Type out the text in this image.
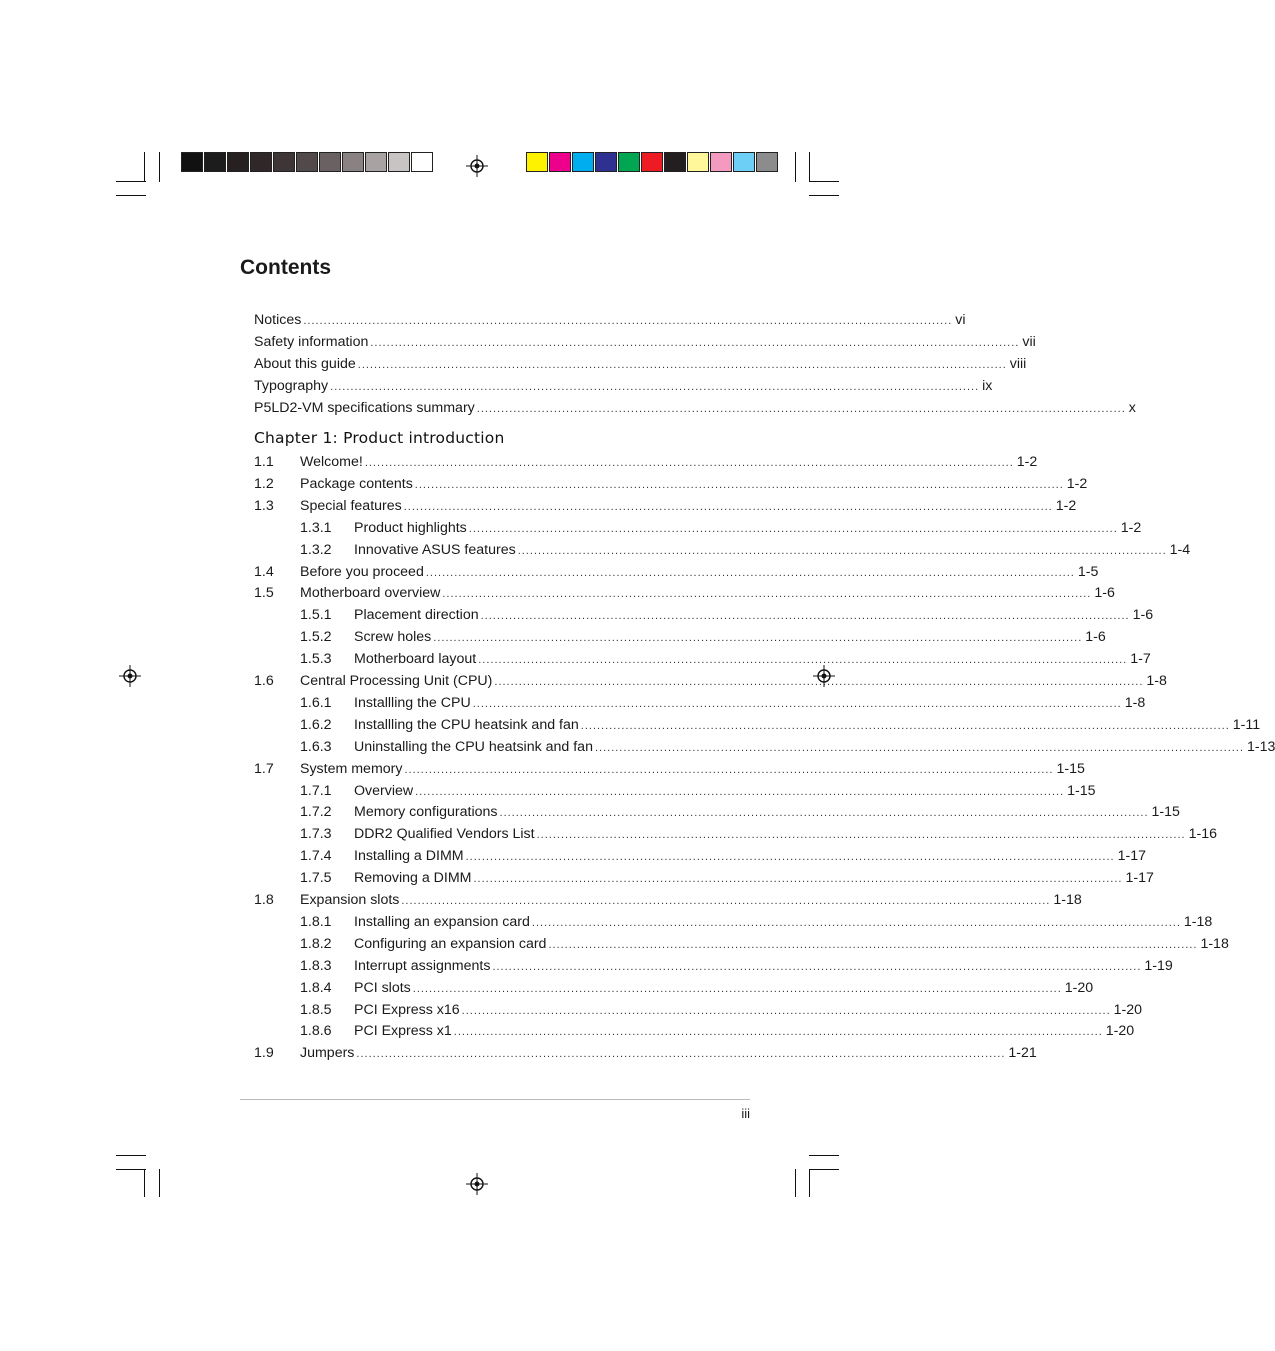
Contents
Notices ................................................................................................................................................................ vi
Safety information ................................................................................................................................................................ vii
About this guide ................................................................................................................................................................ viii
Typography ................................................................................................................................................................ ix
P5LD2-VM specifications summary ................................................................................................................................................................ x
Chapter 1: Product introduction
1.1	Welcome! ................................................................................................................................................................ 1-2
1.2	Package contents ................................................................................................................................................................ 1-2
1.3	Special features ................................................................................................................................................................ 1-2
1.3.1	Product highlights ................................................................................................................................................................ 1-2
1.3.2	Innovative ASUS features ................................................................................................................................................................ 1-4
1.4	Before you proceed ................................................................................................................................................................ 1-5
1.5	Motherboard overview ................................................................................................................................................................ 1-6
1.5.1	Placement direction ................................................................................................................................................................ 1-6
1.5.2	Screw holes ................................................................................................................................................................ 1-6
1.5.3	Motherboard layout ................................................................................................................................................................ 1-7
1.6	Central Processing Unit (CPU) ................................................................................................................................................................ 1-8
1.6.1	Installling the CPU ................................................................................................................................................................ 1-8
1.6.2	Installling the CPU heatsink and fan ................................................................................................................................................................ 1-11
1.6.3	Uninstalling the CPU heatsink and fan ................................................................................................................................................................ 1-13
1.7	System memory ................................................................................................................................................................ 1-15
1.7.1	Overview ................................................................................................................................................................ 1-15
1.7.2	Memory configurations ................................................................................................................................................................ 1-15
1.7.3	DDR2 Qualified Vendors List ................................................................................................................................................................ 1-16
1.7.4	Installing a DIMM ................................................................................................................................................................ 1-17
1.7.5	Removing a DIMM ................................................................................................................................................................ 1-17
1.8	Expansion slots ................................................................................................................................................................ 1-18
1.8.1	Installing an expansion card ................................................................................................................................................................ 1-18
1.8.2	Configuring an expansion card ................................................................................................................................................................ 1-18
1.8.3	Interrupt assignments ................................................................................................................................................................ 1-19
1.8.4	PCI slots ................................................................................................................................................................ 1-20
1.8.5	PCI Express x16 ................................................................................................................................................................ 1-20
1.8.6	PCI Express x1 ................................................................................................................................................................ 1-20
1.9	Jumpers ................................................................................................................................................................ 1-21
iii
